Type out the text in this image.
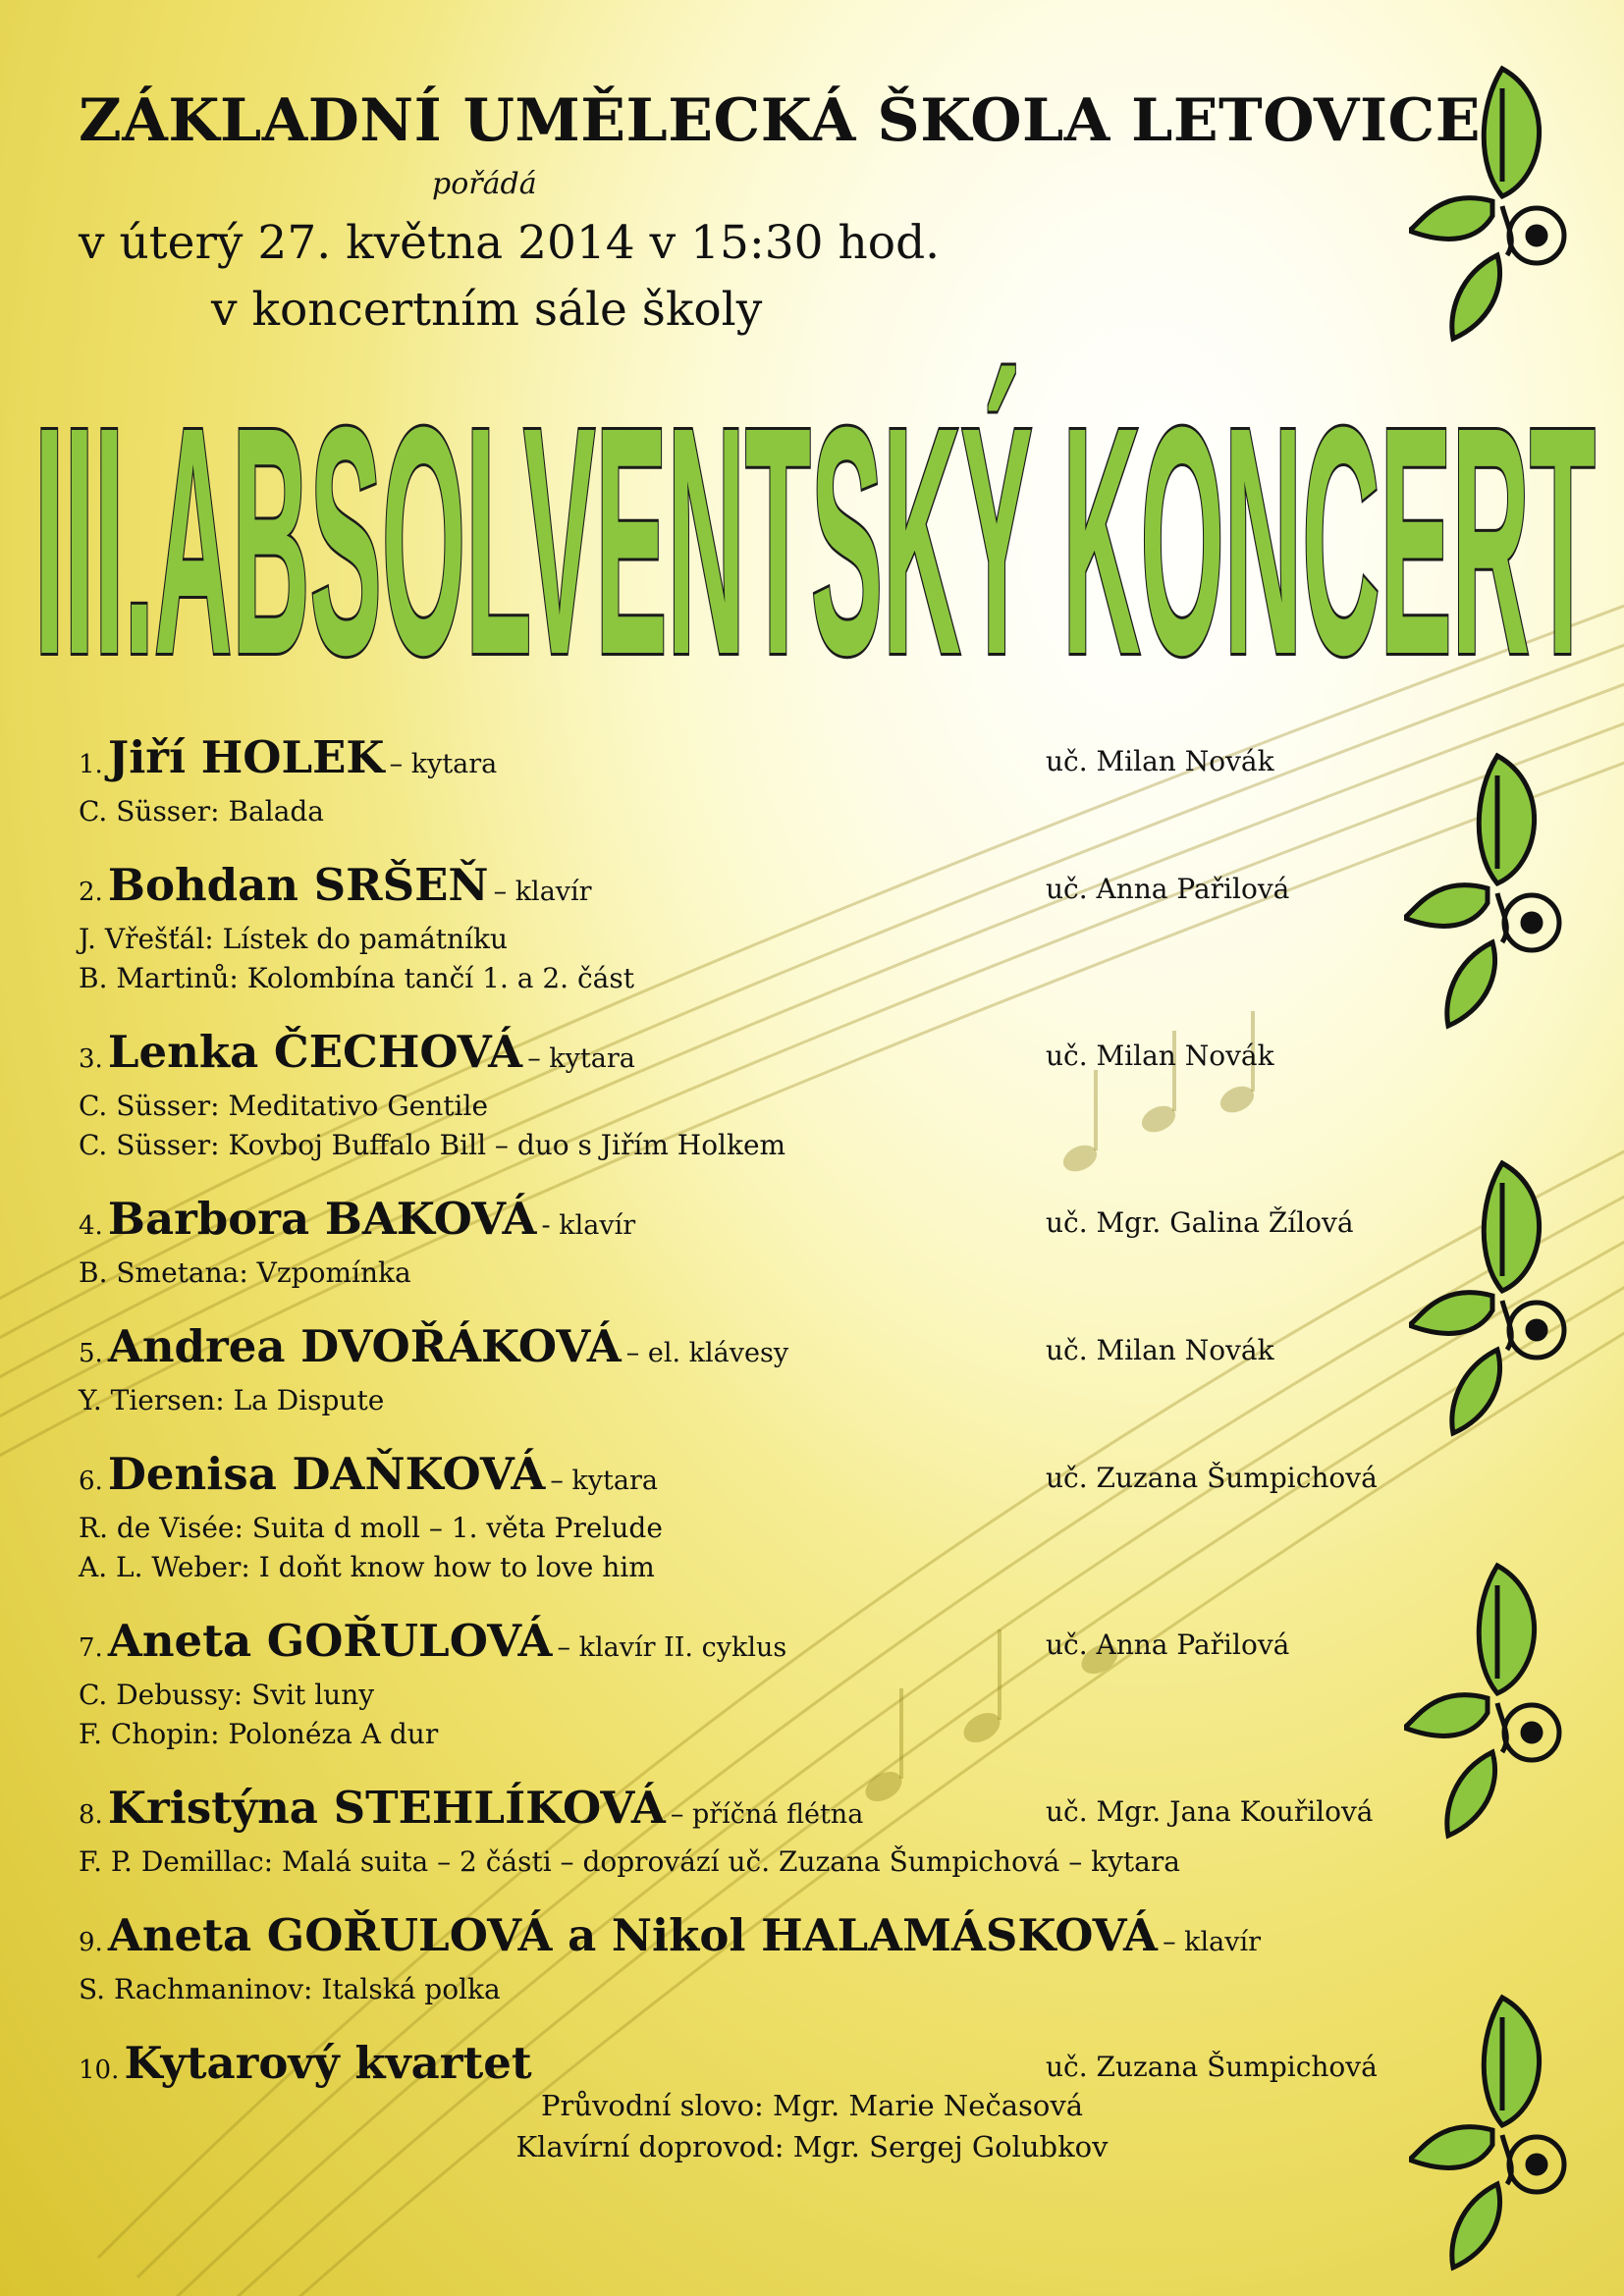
ZÁKLADNÍ UMĚLECKÁ ŠKOLA LETOVICE
pořádá
v úterý 27. května 2014 v 15:30 hod.
v koncertním sále školy
III.ABSOLVENTSKÝ KONCERT
1. Jiří HOLEK – kytara	uč. Milan Novák
C. Süsser: Balada
2. Bohdan SRŠEŇ – klavír	uč. Anna Pařilová
J. Vřešťál: Lístek do památníku
B. Martinů: Kolombína tančí 1. a 2. část
3. Lenka ČECHOVÁ – kytara	uč. Milan Novák
C. Süsser: Meditativo Gentile
C. Süsser: Kovboj Buffalo Bill – duo s Jiřím Holkem
4. Barbora BAKOVÁ - klavír	uč. Mgr. Galina Žílová
B. Smetana: Vzpomínka
5. Andrea DVOŘÁKOVÁ – el. klávesy	uč. Milan Novák
Y. Tiersen: La Dispute
6. Denisa DAŇKOVÁ – kytara	uč. Zuzana Šumpichová
R. de Visée: Suita d moll – 1. věta Prelude
A. L. Weber: I doňt know how to love him
7. Aneta GOŘULOVÁ – klavír II. cyklus	uč. Anna Pařilová
C. Debussy: Svit luny
F. Chopin: Polonéza A dur
8. Kristýna STEHLÍKOVÁ – příčná flétna	uč. Mgr. Jana Kouřilová
F. P. Demillac: Malá suita – 2 části – doprovází uč. Zuzana Šumpichová – kytara
9. Aneta GOŘULOVÁ a Nikol HALAMÁSKOVÁ – klavír
S. Rachmaninov: Italská polka
10. Kytarový kvartet	uč. Zuzana Šumpichová
Průvodní slovo: Mgr. Marie Nečasová
Klavírní doprovod: Mgr. Sergej Golubkov
